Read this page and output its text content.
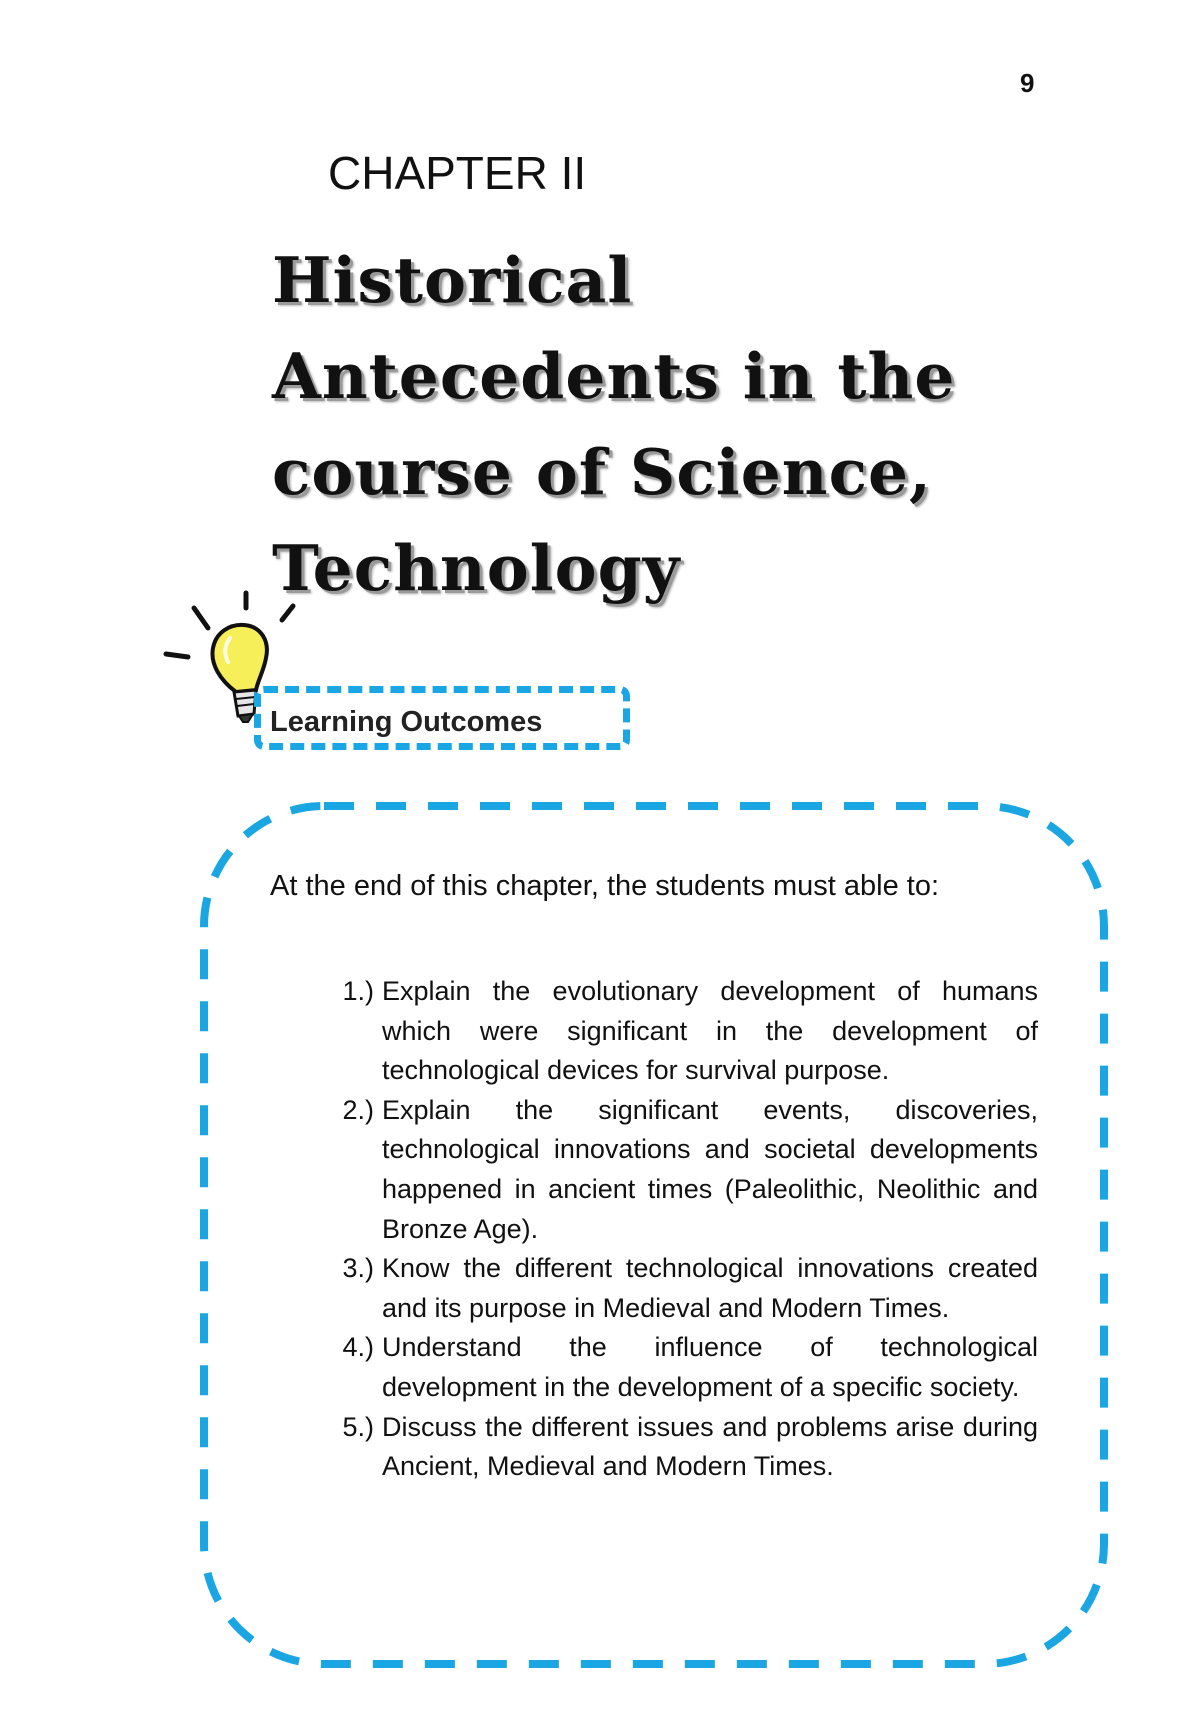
9
CHAPTER II
Historical
Antecedents in the
course of Science,
Technology
Learning Outcomes
At the end of this chapter, the students must able to:
1.) Explain the evolutionary development of humans which were significant in the development of technological devices for survival purpose.
2.) Explain the significant events, discoveries, technological innovations and societal developments happened in ancient times (Paleolithic, Neolithic and Bronze Age).
3.) Know the different technological innovations created and its purpose in Medieval and Modern Times.
4.) Understand the influence of technological development in the development of a specific society.
5.) Discuss the different issues and problems arise during Ancient, Medieval and Modern Times.
